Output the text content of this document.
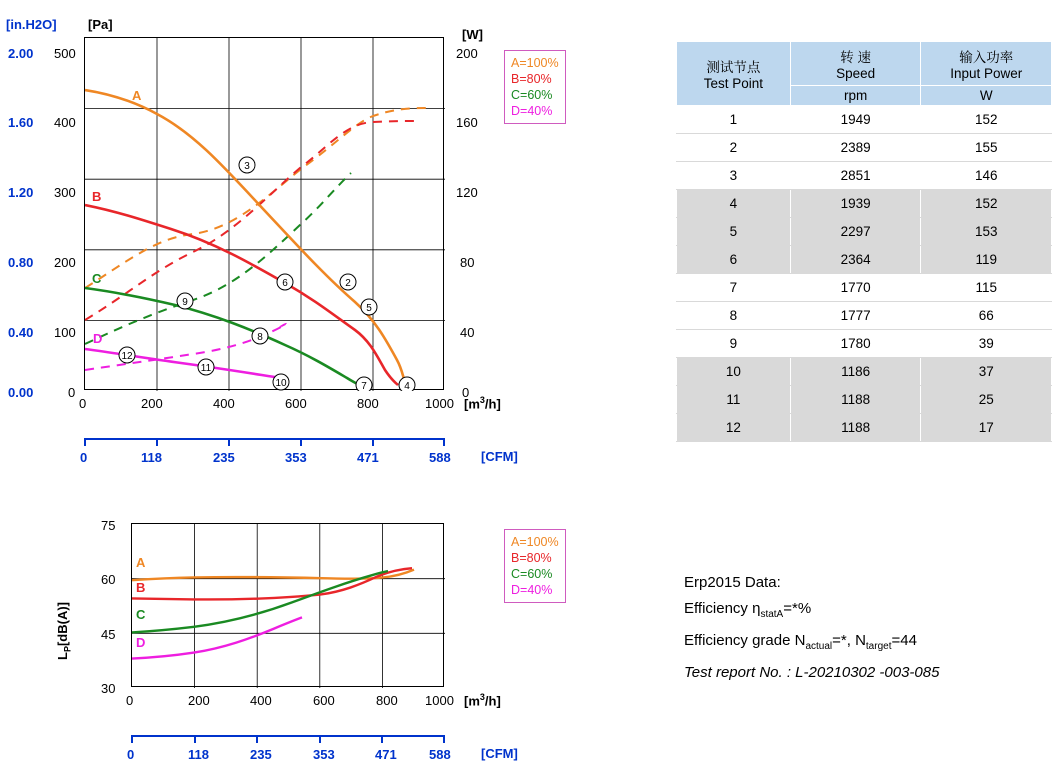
[in.H2O] [Pa]
[W]
2.00
1.60
1.20
0.80
0.40
0.00
500
400
300
200
100
0
200
160
120
80
40
0
0	200	400	600	800	1000 $[m^3/h]$
3
2
6
5
9
8
7	4
10
11
12
A
B
C
D
A=100%
B=80%
C=60%
D=40%
0	118	235	353	471	588 [CFM]
75
60
45
30
$L_P[dB(A)]$
A
B
C
D
A=100%
B=80%
C=60%
D=40%
0	200	400	600	800 1000 $[m^3/h]$
0	118	235	353	471 588 [CFM]
测试节点
Test Point

转 速
Speed

输入功率
Input Power

	rpm	W
1	1949	152
2	2389	155
3	2851	146
4	1939	152
5	2297	153
6	2364	119
7	1770	115
8	1777	66
9	1780	39
10	1186	37
11	1188	25
12	1188	17
Erp2015 Data:
Efficiency $\eta_{statA}=*\%$
Efficiency grade $N_{actual}=*$, $N_{target}=44$
Test report No. : L-20210302 -003-085
